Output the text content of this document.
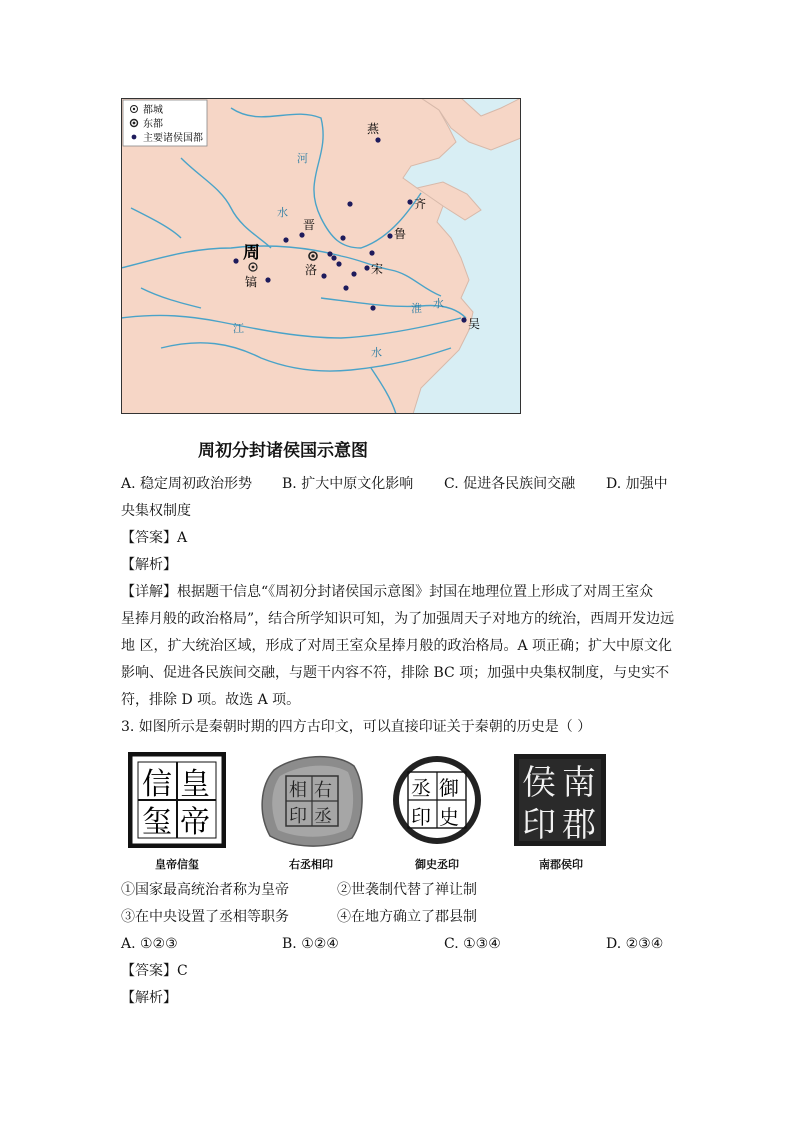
都城
东都
主要诸侯国都
周
镐
洛
晋
燕
齐
鲁
宋
吴
河
水
江
淮 水
水
周初分封诸侯国示意图
A. 稳定周初政治形势 B. 扩大中原文化影响 C. 促进各民族间交融 D. 加强中
央集权制度
【答案】A
【解析】
【详解】根据题干信息“《周初分封诸侯国示意图》封国在地理位置上形成了对周王室众
星捧月般的政治格局”，结合所学知识可知，为了加强周天子对地方的统治，西周开发边远
地 区，扩大统治区域，形成了对周王室众星捧月般的政治格局。A 项正确；扩大中原文化
影响、促进各民族间交融，与题干内容不符，排除 BC 项；加强中央集权制度，与史实不
符，排除 D 项。故选 A 项。
3. 如图所示是秦朝时期的四方古印文，可以直接印证关于秦朝的历史是（ ）
皇
帝
信
玺
皇帝信玺
右
丞
相
印
右丞相印
御
史
丞
印
御史丞印
南
郡
侯
印
南郡侯印
①国家最高统治者称为皇帝	②世袭制代替了禅让制
③在中央设置了丞相等职务	④在地方确立了郡县制
A. ①②③	B. ①②④	C. ①③④	D. ②③④
【答案】C
【解析】
